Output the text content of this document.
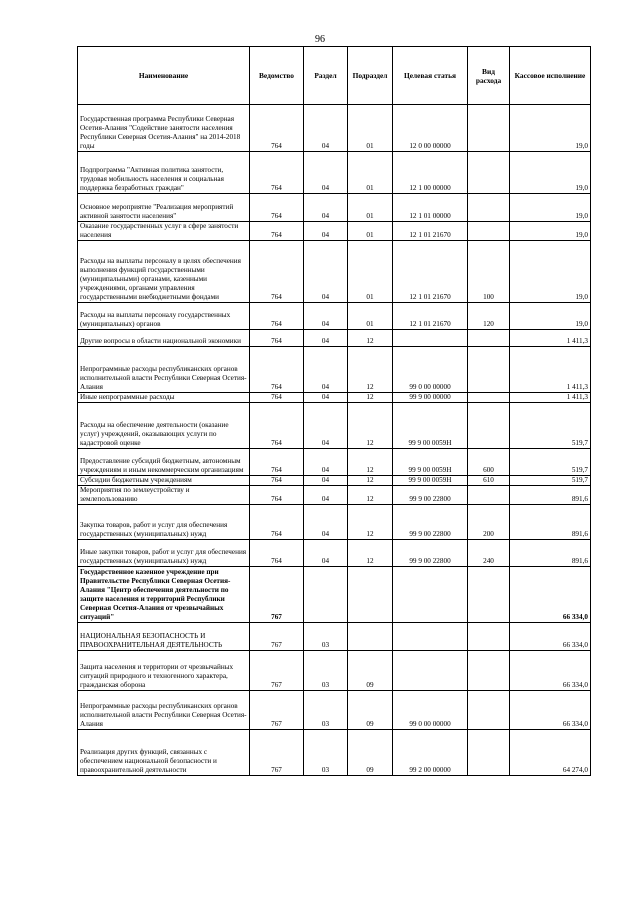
96
Наименование	Ведомство	Раздел	Подраздел	Целевая статья	Вид расхода	Кассовое исполнение
Государственная программа Республики Северная Осетия-Алания "Содействие занятости населения Республики Северная Осетия-Алания" на 2014-2018 годы	764	04	01	12 0 00 00000		19,0
Подпрограмма "Активная политика занятости, трудовая мобильность населения и социальная поддержка безработных граждан"	764	04	01	12 1 00 00000		19,0
Основное мероприятие "Реализация мероприятий активной занятости населения"	764	04	01	12 1 01 00000		19,0
Оказание государственных услуг в сфере занятости населения	764	04	01	12 1 01 21670		19,0
Расходы на выплаты персоналу в целях обеспечения выполнения функций государственными (муниципальными) органами, казенными учреждениями, органами управления государственными внебюджетными фондами	764	04	01	12 1 01 21670	100	19,0
Расходы на выплаты персоналу государственных (муниципальных) органов	764	04	01	12 1 01 21670	120	19,0
Другие вопросы в области национальной экономики	764	04	12			1 411,3
Непрограммные расходы республиканских органов исполнительной власти Республики Северная Осетия-Алания	764	04	12	99 0 00 00000		1 411,3
Иные непрограммные расходы	764	04	12	99 9 00 00000		1 411,3
Расходы на обеспечение деятельности (оказание услуг) учреждений, оказывающих услуги по кадастровой оценке	764	04	12	99 9 00 0059Н		519,7
Предоставление субсидий бюджетным, автономным учреждениям и иным некоммерческим организациям	764	04	12	99 9 00 0059Н	600	519,7
Субсидии бюджетным учреждениям	764	04	12	99 9 00 0059Н	610	519,7
Мероприятия по землеустройству и землепользованию	764	04	12	99 9 00 22800		891,6
Закупка товаров, работ и услуг для обеспечения государственных (муниципальных) нужд	764	04	12	99 9 00 22800	200	891,6
Иные закупки товаров, работ и услуг для обеспечения государственных (муниципальных) нужд	764	04	12	99 9 00 22800	240	891,6
Государственное казенное учреждение при Правительстве Республики Северная Осетия-Алания "Центр обеспечения деятельности по защите населения и территорий Республики Северная Осетия-Алания от чрезвычайных ситуаций"	767					66 334,0
НАЦИОНАЛЬНАЯ БЕЗОПАСНОСТЬ И ПРАВООХРАНИТЕЛЬНАЯ ДЕЯТЕЛЬНОСТЬ	767	03				66 334,0
Защита населения и территории от чрезвычайных ситуаций природного и техногенного характера, гражданская оборона	767	03	09			66 334,0
Непрограммные расходы республиканских органов исполнительной власти Республики Северная Осетия-Алания	767	03	09	99 0 00 00000		66 334,0
Реализация других функций, связанных с обеспечением национальной безопасности и правоохранительной деятельности	767	03	09	99 2 00 00000		64 274,0
